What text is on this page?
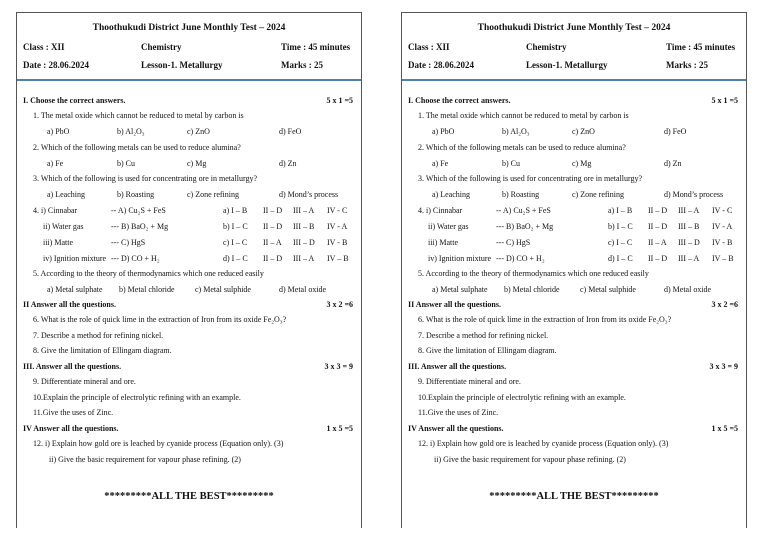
Thoothukudi District June Monthly Test – 2024
Class : XII	Chemistry	Time : 45 minutes
Date : 28.06.2024	Lesson-1. Metallurgy	Marks : 25
I. Choose the correct answers.	5 x 1 =5
1. The metal oxide which cannot be reduced to metal by carbon is
a) PbO	b) Al₂O₃	c) ZnO	d) FeO
2. Which of the following metals can be used to reduce alumina?
a) Fe	b) Cu	c) Mg	d) Zn
3. Which of the following is used for concentrating ore in metallurgy?
a) Leaching	b) Roasting	c) Zone refining	d) Mond’s process
4. i) Cinnabar	-- A) Cu₂S + FeS	a) I – B II – D III – A IV - C
ii) Water gas	--- B) BaO₂ + Mg	b) I – C II – D III – B IV - A
iii) Matte	--- C) HgS	c) I – C II – A III – D IV - B
iv) Ignition mixture --- D) CO + H₂	d) I – C II – D III – A IV – B
5. According to the theory of thermodynamics which one reduced easily
a) Metal sulphate b) Metal chloride	c) Metal sulphide	d) Metal oxide
II Answer all the questions.	3 x 2 =6
6. What is the role of quick lime in the extraction of Iron from its oxide Fe₂O₃?
7. Describe a method for refining nickel.
8. Give the limitation of Ellingam diagram.
III. Answer all the questions.	3 x 3 = 9
9. Differentiate mineral and ore.
10.Explain the principle of electrolytic refining with an example.
11.Give the uses of Zinc.
IV Answer all the questions.	1 x 5 =5
12. i) Explain how gold ore is leached by cyanide process (Equation only). (3)
ii) Give the basic requirement for vapour phase refining. (2)
*********ALL THE BEST*********
Thoothukudi District June Monthly Test – 2024
Class : XII	Chemistry	Time : 45 minutes
Date : 28.06.2024	Lesson-1. Metallurgy	Marks : 25
I. Choose the correct answers.	5 x 1 =5
1. The metal oxide which cannot be reduced to metal by carbon is
a) PbO	b) Al₂O₃	c) ZnO	d) FeO
2. Which of the following metals can be used to reduce alumina?
a) Fe	b) Cu	c) Mg	d) Zn
3. Which of the following is used for concentrating ore in metallurgy?
a) Leaching	b) Roasting	c) Zone refining	d) Mond’s process
4. i) Cinnabar	-- A) Cu₂S + FeS	a) I – B II – D III – A IV - C
ii) Water gas	--- B) BaO₂ + Mg	b) I – C II – D III – B IV - A
iii) Matte	--- C) HgS	c) I – C II – A III – D IV - B
iv) Ignition mixture --- D) CO + H₂	d) I – C II – D III – A IV – B
5. According to the theory of thermodynamics which one reduced easily
a) Metal sulphate b) Metal chloride	c) Metal sulphide	d) Metal oxide
II Answer all the questions.	3 x 2 =6
6. What is the role of quick lime in the extraction of Iron from its oxide Fe₂O₃?
7. Describe a method for refining nickel.
8. Give the limitation of Ellingam diagram.
III. Answer all the questions.	3 x 3 = 9
9. Differentiate mineral and ore.
10.Explain the principle of electrolytic refining with an example.
11.Give the uses of Zinc.
IV Answer all the questions.	1 x 5 =5
12. i) Explain how gold ore is leached by cyanide process (Equation only). (3)
ii) Give the basic requirement for vapour phase refining. (2)
*********ALL THE BEST*********
